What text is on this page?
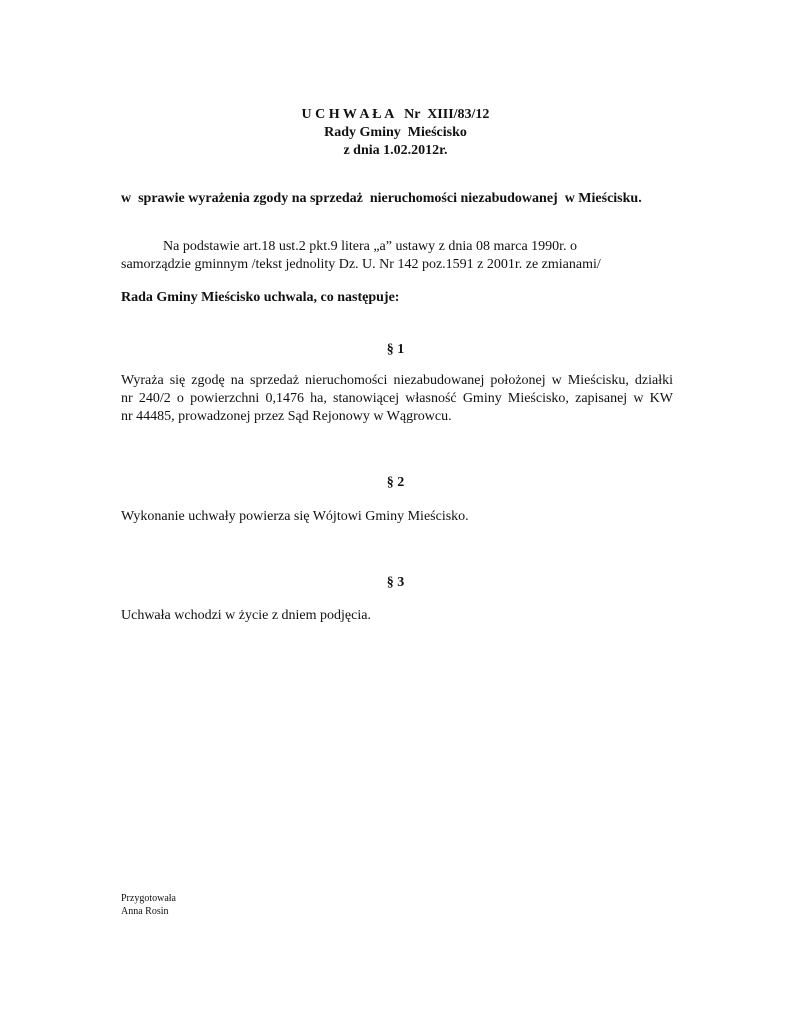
U C H W A Ł A   Nr  XIII/83/12
Rady Gminy  Mieścisko
z dnia 1.02.2012r.
w  sprawie wyrażenia zgody na sprzedaż  nieruchomości niezabudowanej  w Mieścisku.
Na podstawie art.18 ust.2 pkt.9 litera „a” ustawy z dnia 08 marca 1990r. o
samorządzie gminnym /tekst jednolity Dz. U. Nr 142 poz.1591 z 2001r. ze zmianami/
Rada Gminy Mieścisko uchwala, co następuje:
§ 1
Wyraża się zgodę na sprzedaż nieruchomości niezabudowanej położonej w Mieścisku, działki
nr 240/2 o powierzchni 0,1476 ha, stanowiącej własność Gminy Mieścisko, zapisanej w KW
nr 44485, prowadzonej przez Sąd Rejonowy w Wągrowcu.
§ 2
Wykonanie uchwały powierza się Wójtowi Gminy Mieścisko.
§ 3
Uchwała wchodzi w życie z dniem podjęcia.
Przygotowała
Anna Rosin
